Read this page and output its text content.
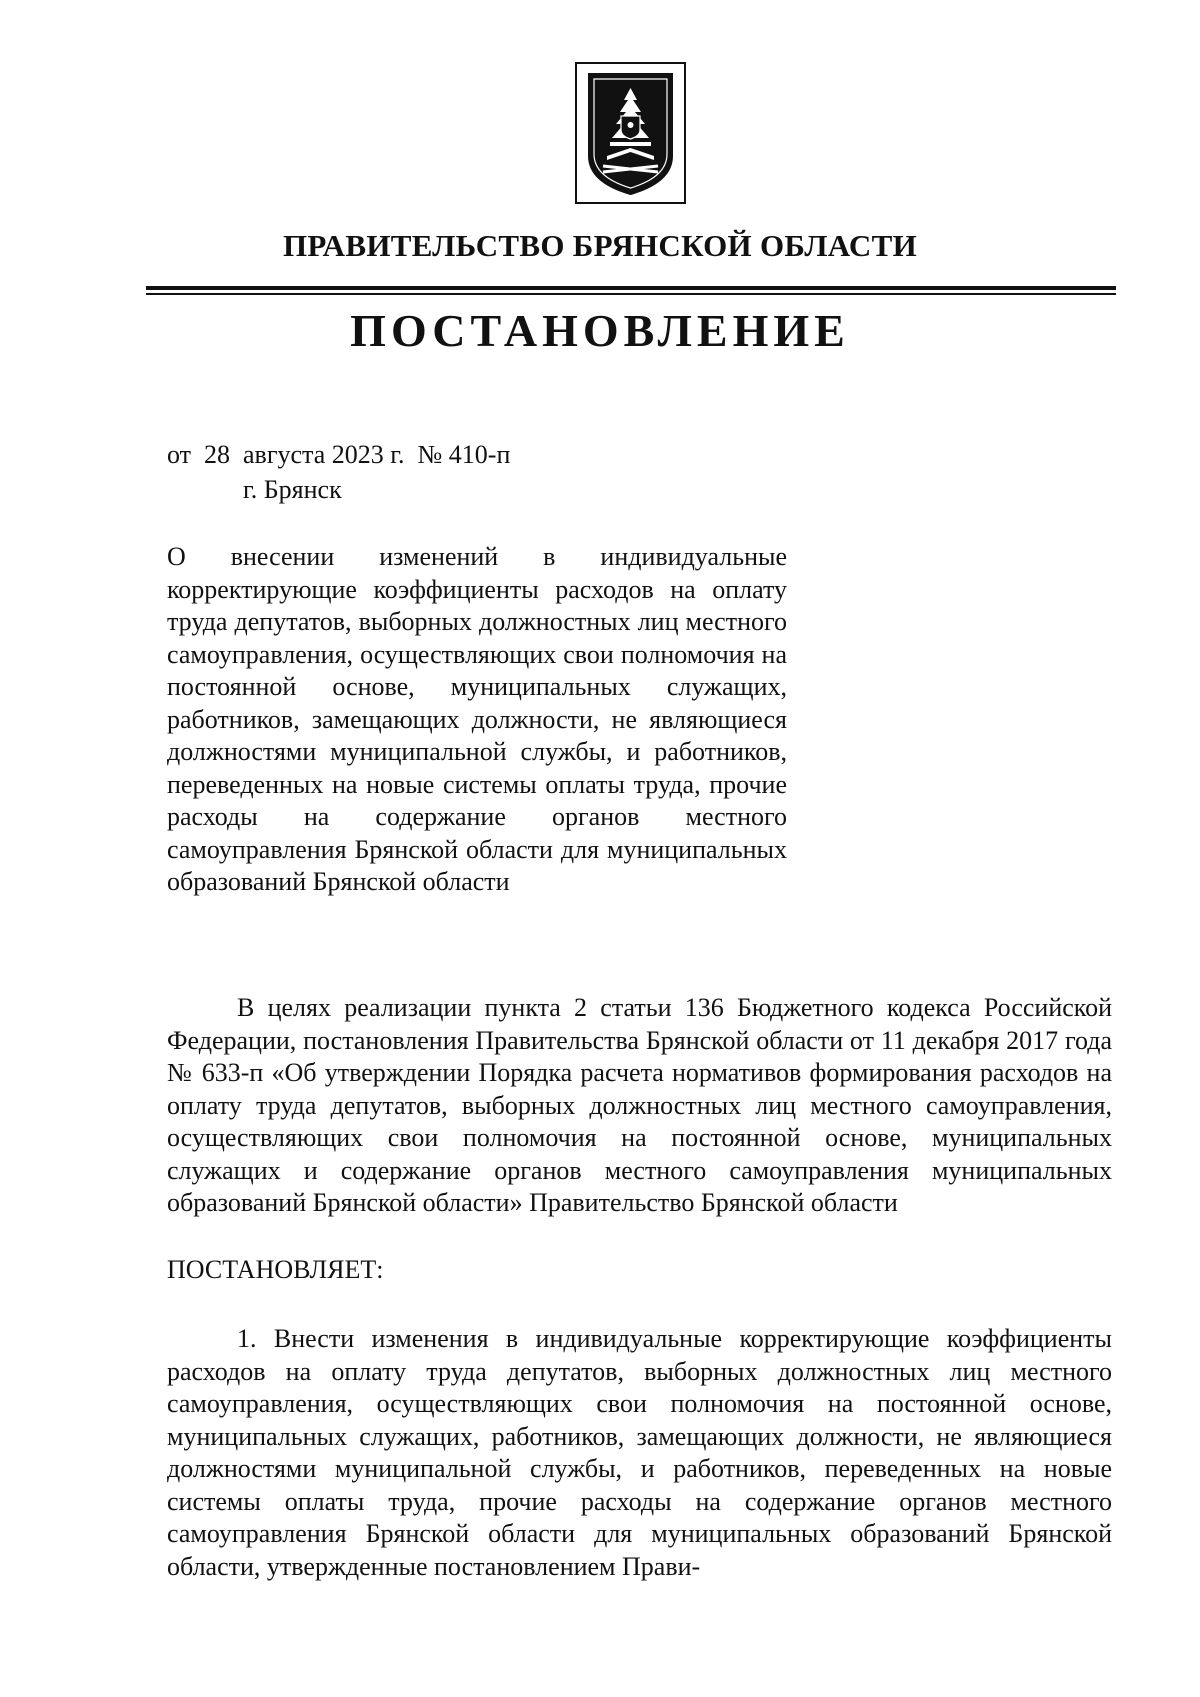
ПРАВИТЕЛЬСТВО БРЯНСКОЙ ОБЛАСТИ
ПОСТАНОВЛЕНИЕ
от  28  августа 2023 г.  № 410-п
г. Брянск

О внесении изменений в индивидуальные корректирующие коэффициенты расходов на оплату труда депутатов, выборных должностных лиц местного самоуправления, осуществляющих свои полномочия на постоянной основе, муниципальных служащих, работников, замещающих должности, не являющиеся должностями муниципальной службы, и работников, переведенных на новые системы оплаты труда, прочие расходы на содержание органов местного самоуправления Брянской области для муниципальных образований Брянской области

В целях реализации пункта 2 статьи 136 Бюджетного кодекса Российской Федерации, постановления Правительства Брянской области от 11 декабря 2017 года № 633-п «Об утверждении Порядка расчета нормативов формирования расходов на оплату труда депутатов, выборных должностных лиц местного самоуправления, осуществляющих свои полномочия на постоянной основе, муниципальных служащих и содержание органов местного самоуправления муниципальных образований Брянской области» Правительство Брянской области

ПОСТАНОВЛЯЕТ:

1. Внести изменения в индивидуальные корректирующие коэффициенты расходов на оплату труда депутатов, выборных должностных лиц местного самоуправления, осуществляющих свои полномочия на постоянной основе, муниципальных служащих, работников, замещающих должности, не являющиеся должностями муниципальной службы, и работников, переведенных на новые системы оплаты труда, прочие расходы на содержание органов местного самоуправления Брянской области для муниципальных образований Брянской области, утвержденные постановлением Прави-
